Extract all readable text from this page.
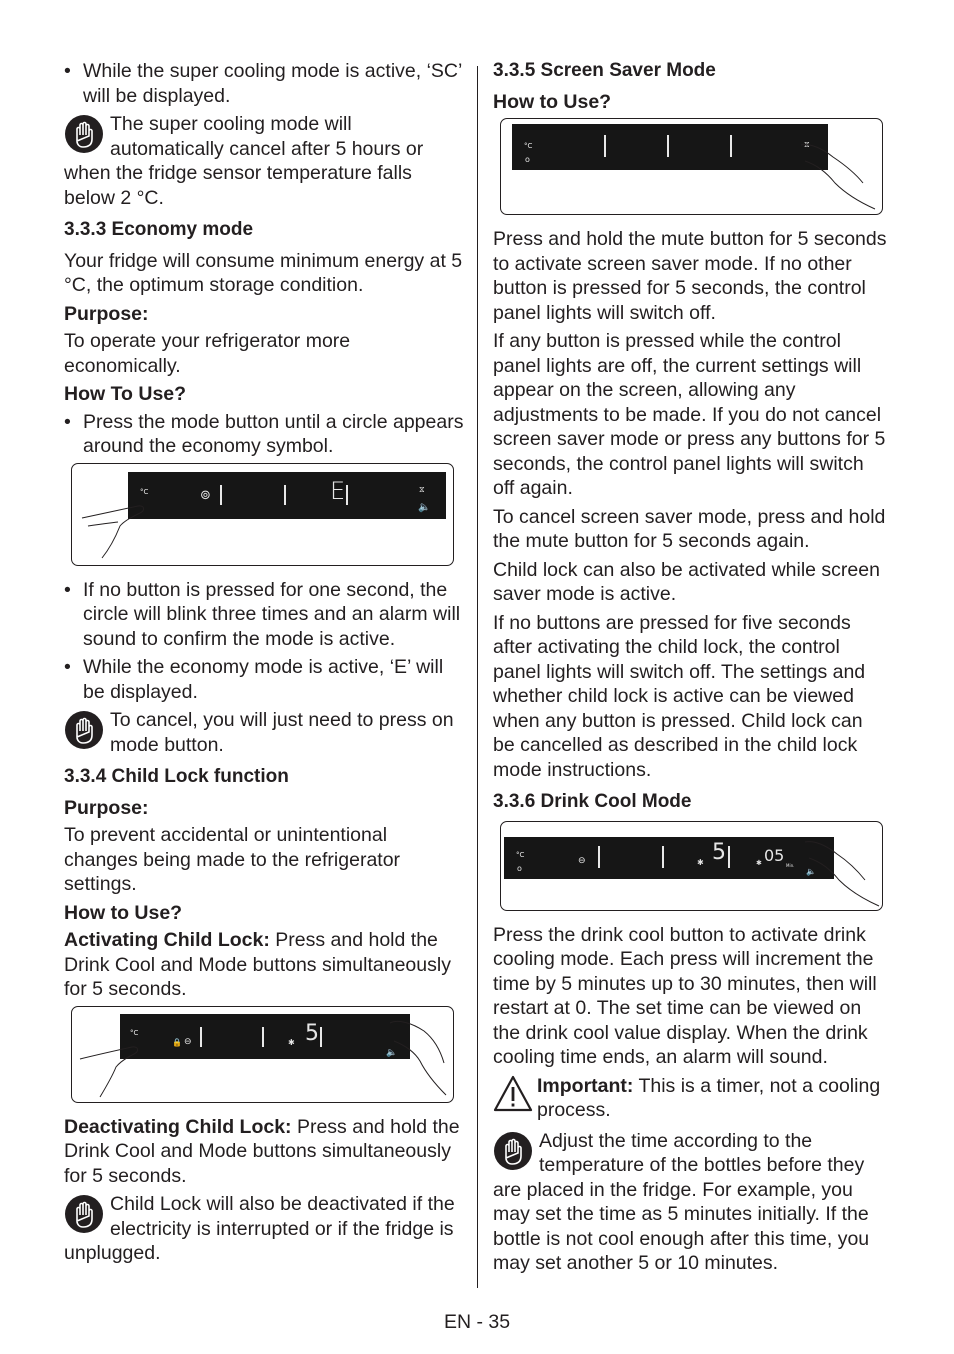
• While the super cooling mode is active, ‘SC’ will be displayed.
The super cooling mode will automatically cancel after 5 hours or when the fridge sensor temperature falls below 2 °C.
3.3.3 Economy mode

Your fridge will consume minimum energy at 5 °C, the optimum storage condition.

Purpose:

To operate your refrigerator more economically.

How To Use?

• Press the mode button until a circle appears around the economy symbol.
°C	⊚	E	⧖
🔈
• If no button is pressed for one second, the circle will blink three times and an alarm will sound to confirm the mode is active.
• While the economy mode is active, ‘E’ will be displayed.
To cancel, you will just need to press on mode button.
3.3.4 Child Lock function

Purpose:

To prevent accidental or unintentional changes being made to the refrigerator settings.

How to Use?

Activating Child Lock: Press and hold the Drink Cool and Mode buttons simultaneously for 5 seconds.

°C
🔒 ⊖	✱ 5
🔈

Deactivating Child Lock: Press and hold the Drink Cool and Mode buttons simultaneously for 5 seconds.

Child Lock will also be deactivated if the electricity is interrupted or if the fridge is unplugged.
3.3.5 Screen Saver Mode

How to Use?

°C
o
⧖

Press and hold the mute button for 5 seconds to activate screen saver mode. If no other button is pressed for 5 seconds, the control panel lights will switch off.

If any button is pressed while the control panel lights are off, the current settings will appear on the screen, allowing any adjustments to be made. If you do not cancel screen saver mode or press any buttons for 5 seconds, the control panel lights will switch off again.

To cancel screen saver mode, press and hold the mute button for 5 seconds again.

Child lock can also be activated while screen saver mode is active.

If no buttons are pressed for five seconds after activating the child lock, the control panel lights will switch off. The settings and whether child lock is active can be viewed when any button is pressed. Child lock can be cancelled as described in the child lock mode instructions.

3.3.6 Drink Cool Mode
°C
o
⊖	✱ 5	✱ 05
Min.
🔈

Press the drink cool button to activate drink cooling mode. Each press will increment the time by 5 minutes up to 30 minutes, then will restart at 0. The set time can be viewed on the drink cool value display. When the drink cooling time ends, an alarm will sound.

Important: This is a timer, not a cooling process.
Adjust the time according to the temperature of the bottles before they are placed in the fridge. For example, you may set the time as 5 minutes initially. If the bottle is not cool enough after this time, you may set another 5 or 10 minutes.
EN - 35
